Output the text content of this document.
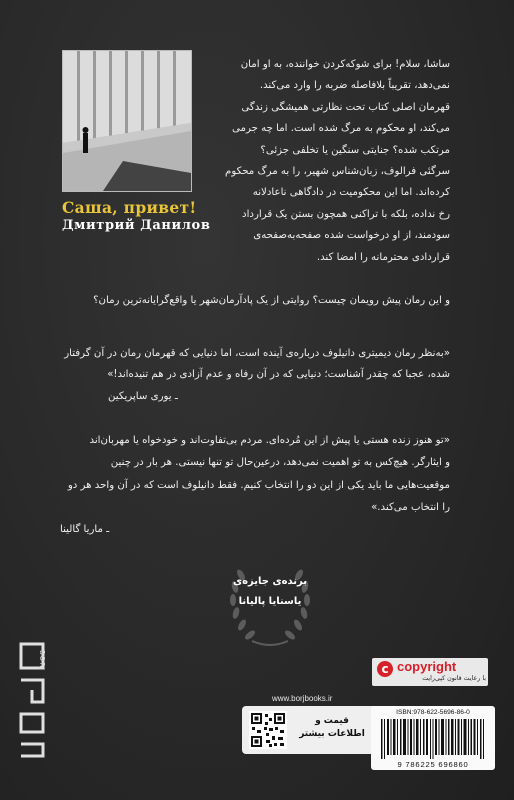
Саша, привет!
Дмитрий Данилов
ساشا، سلام! برای شوکه‌کردن خواننده، به او امان
نمی‌دهد، تقریباً بلافاصله ضربه را وارد می‌کند.
قهرمان اصلی کتاب تحت نظارتی همیشگی زندگی
می‌کند، او محکوم به مرگ شده است. اما چه جرمی
مرتکب شده؟ جنایتی سنگین یا تخلفی جزئی؟
سرگئی فرالوف، زبان‌شناس شهیر، را به مرگ محکوم
کرده‌اند. اما این محکومیت در دادگاهی ناعادلانه
رخ نداده، بلکه با تراکنی همچون بستن یک قرارداد
سودمند، از او درخواست شده صفحه‌به‌صفحه‌ی
قراردادی محترمانه را امضا کند.
و این رمان پیش رویمان چیست؟ روایتی از یک پادآرمان‌شهر یا واقع‌گرایانه‌ترین رمان؟
«به‌نظر رمان دیمیتری دانیلوف درباره‌ی آینده است، اما دنیایی که قهرمان رمان در آن گرفتار
شده، عجبا که چقدر آشناست؛ دنیایی که در آن رفاه و عدم آزادی در هم تنیده‌اند!»
ـ یوری ساپریکین
«تو هنوز زنده هستی یا پیش از این مُرده‌ای. مردم بی‌تفاوت‌اند و خودخواه یا مهربان‌اند
و ایثارگر. هیچ‌کس به تو اهمیت نمی‌دهد، درعین‌حال تو تنها نیستی. هر بار در چنین
موقعیت‌هایی ما باید یکی از این دو را انتخاب کنیم. فقط دانیلوف است که در آن واحد هر دو
را انتخاب می‌کند.»
ـ ماریا گالینا
برنده‌ی جایزه‌ی
یاسنایا پالیانا
BORJ	c copyright
با رعایت قانون کپی‌رایت
www.borjbooks.ir
قیمت و
اطلاعات بیشتر
ISBN:978-622-5696-86-0
9 786225 696860
